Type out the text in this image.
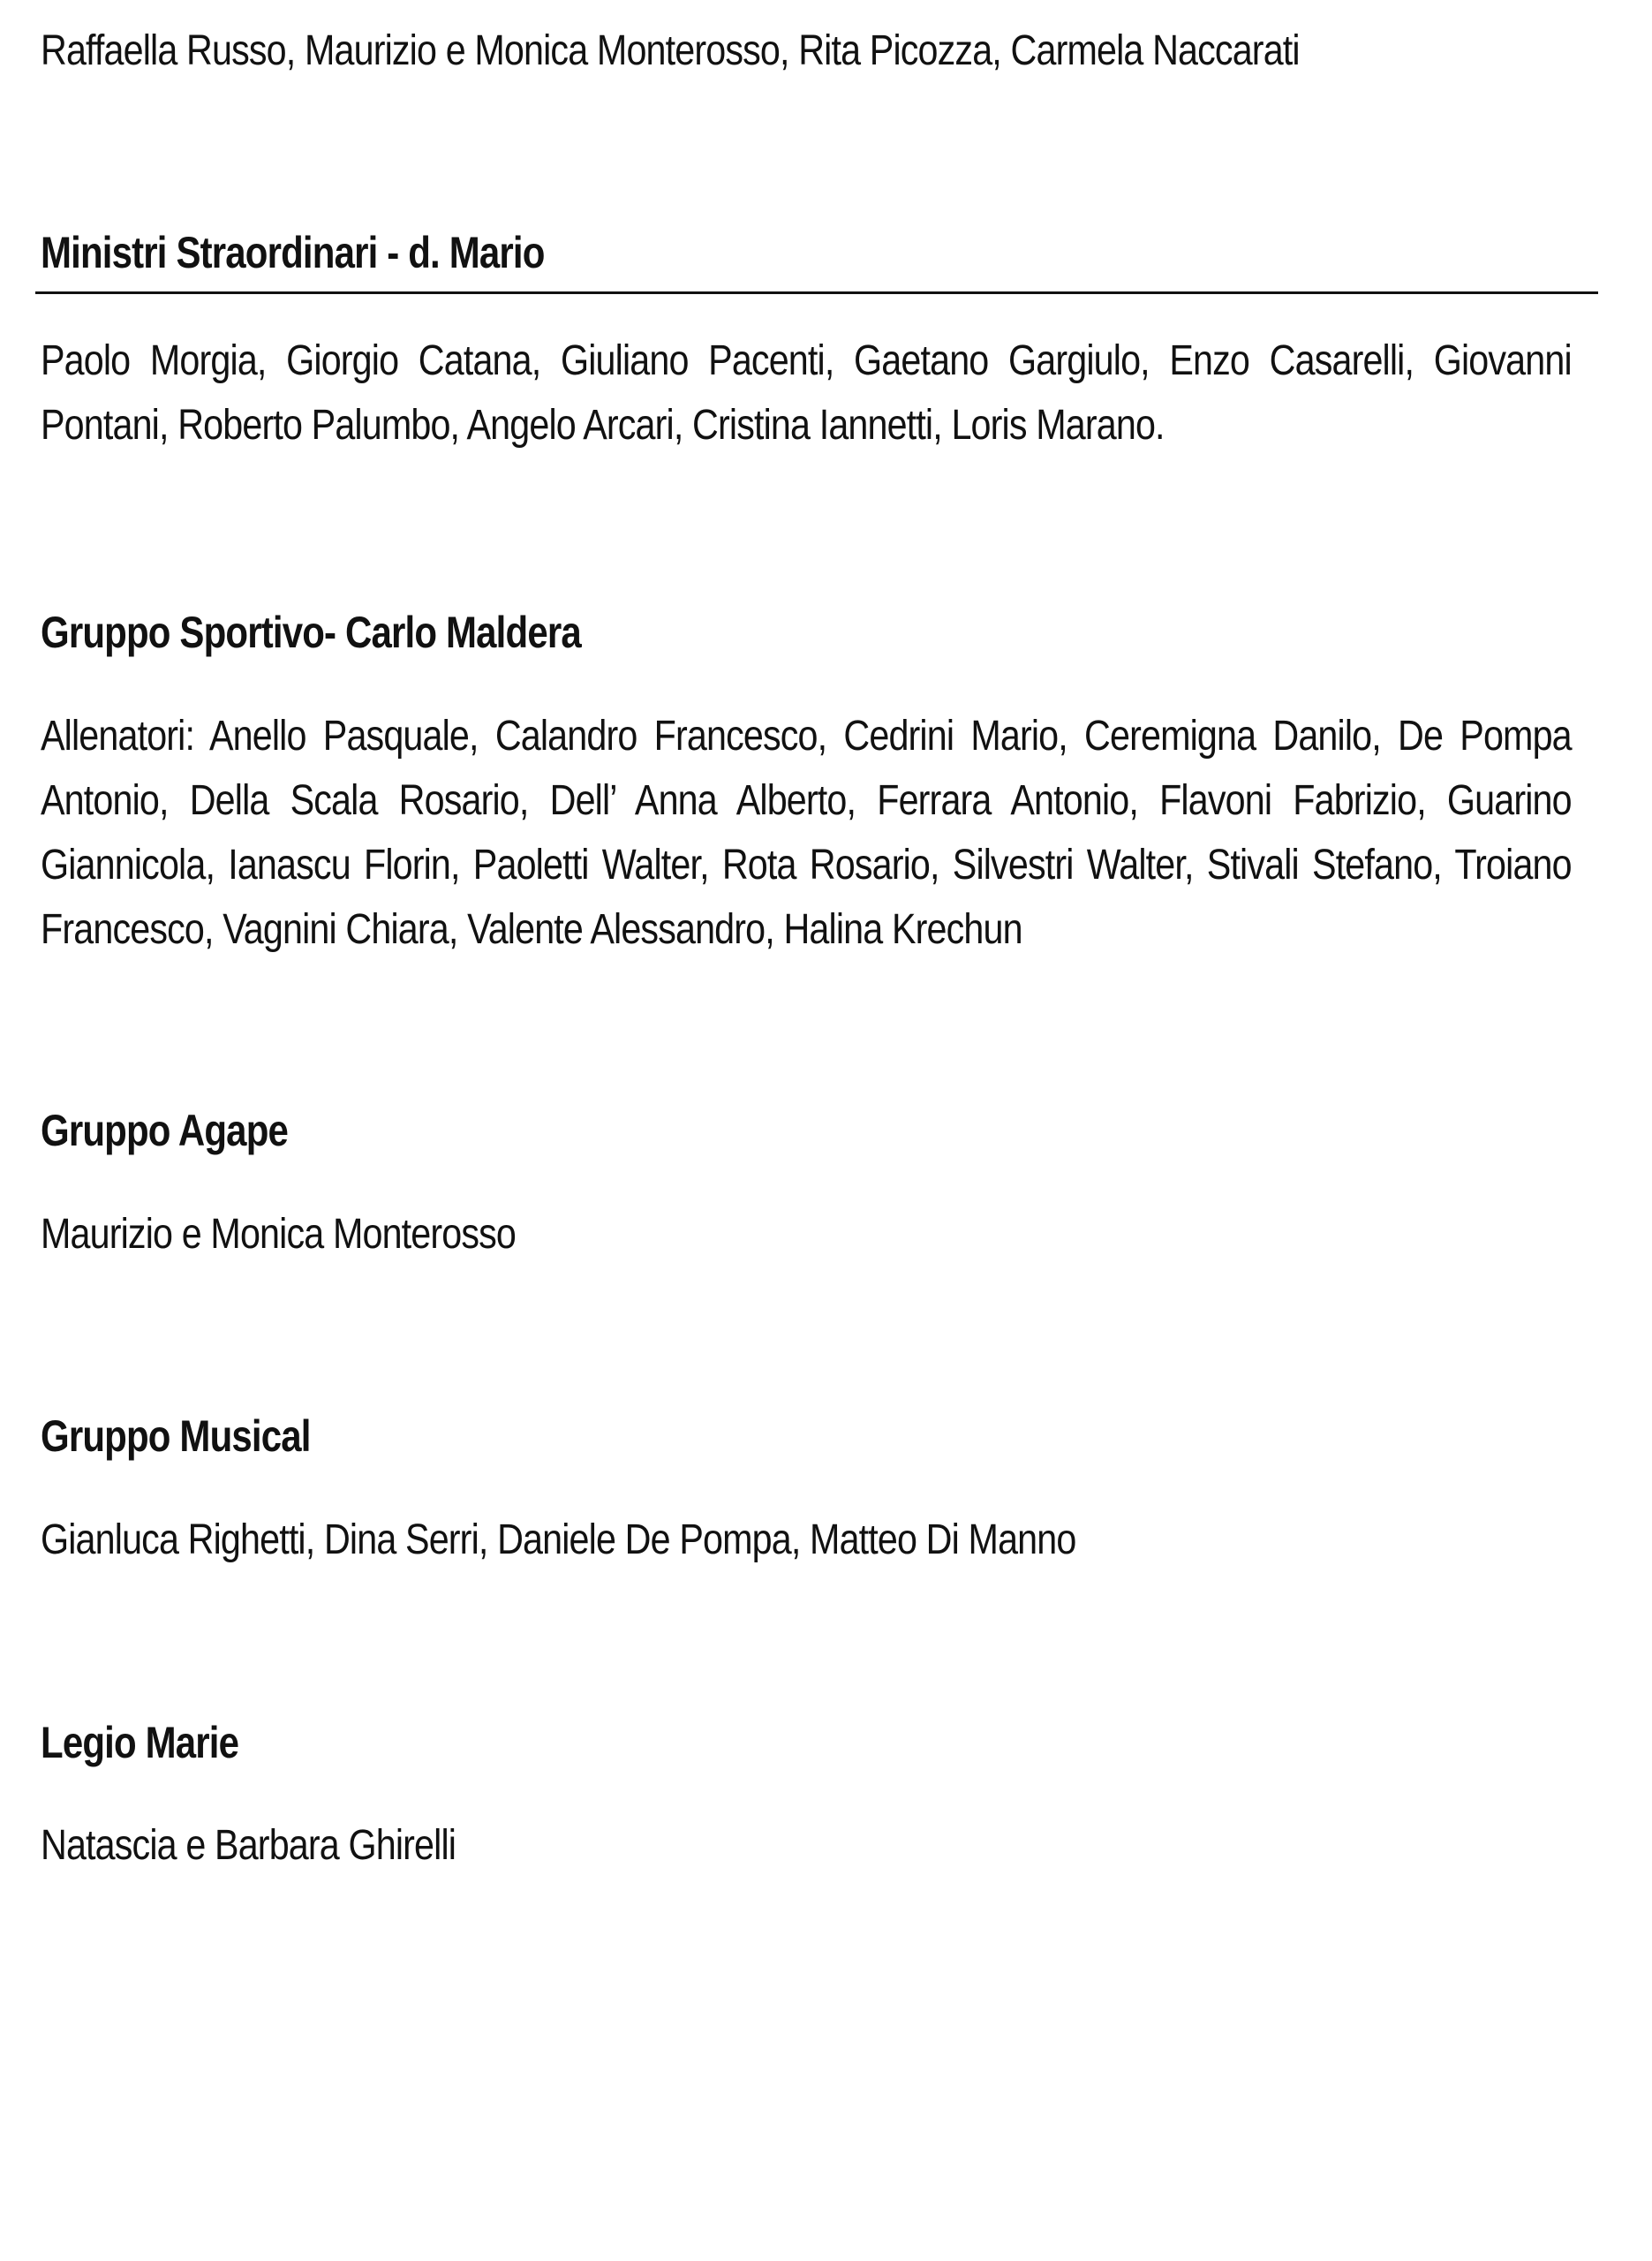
Raffaella Russo, Maurizio e Monica Monterosso, Rita Picozza, Carmela Naccarati
Ministri Straordinari - d. Mario

Paolo Morgia, Giorgio Catana, Giuliano Pacenti, Gaetano Gargiulo, Enzo Casarelli, Giovanni Pontani, Roberto Palumbo, Angelo Arcari, Cristina Iannetti, Loris Marano.

Gruppo Sportivo- Carlo Maldera

Allenatori: Anello Pasquale, Calandro Francesco, Cedrini Mario, Ceremigna Danilo, De Pompa Antonio, Della Scala Rosario, Dell’ Anna Alberto, Ferrara Antonio, Flavoni Fabrizio, Guarino Giannicola, Ianascu Florin, Paoletti Walter, Rota Rosario, Silvestri Walter, Stivali Stefano, Troiano Francesco, Vagnini Chiara, Valente Alessandro, Halina Krechun

Gruppo Agape
Maurizio e Monica Monterosso
Gruppo Musical
Gianluca Righetti, Dina Serri, Daniele De Pompa, Matteo Di Manno
Legio Marie
Natascia e Barbara Ghirelli
